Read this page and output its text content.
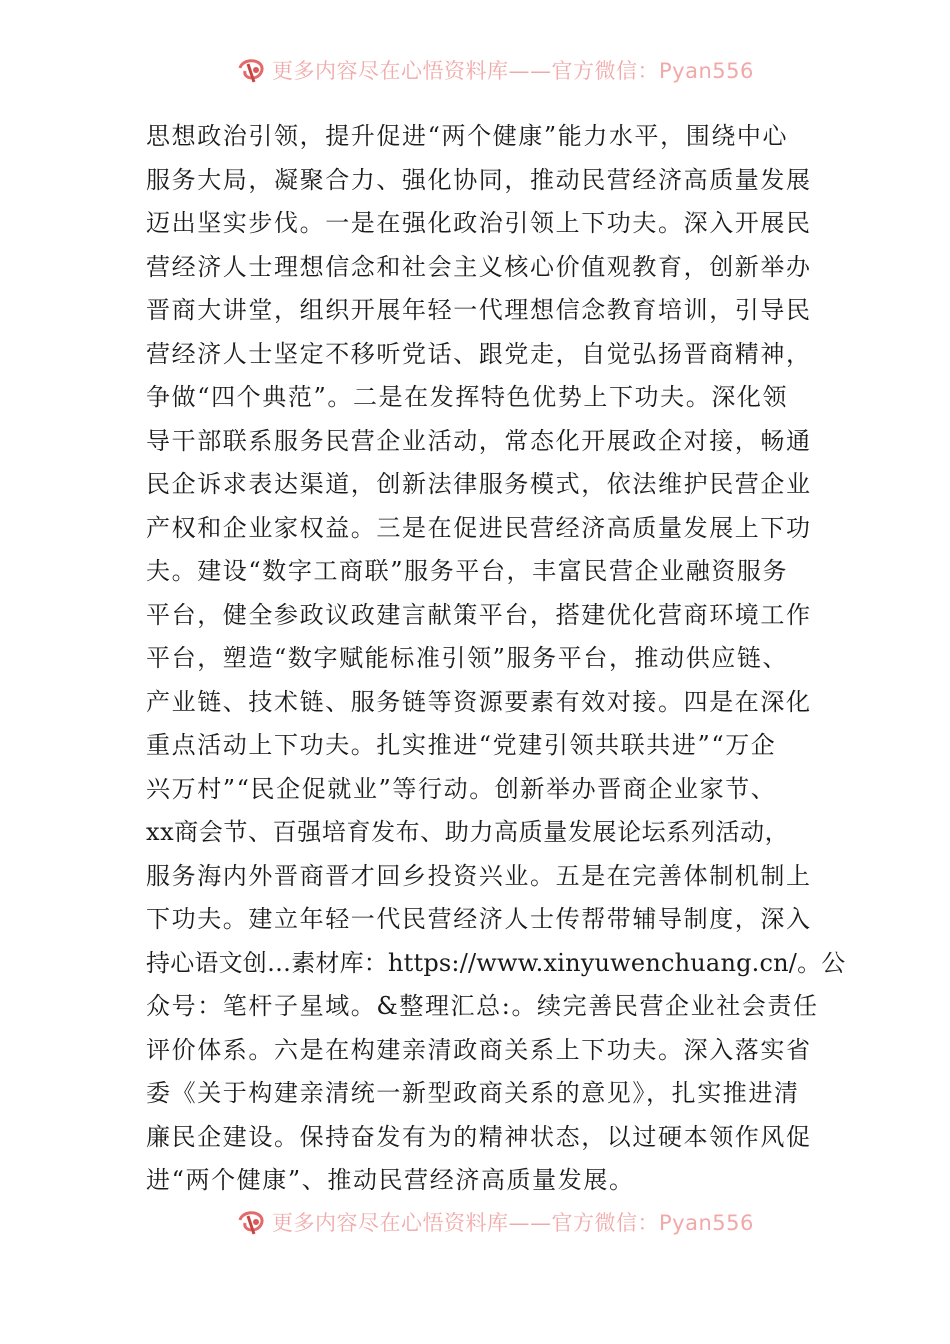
更多内容尽在心悟资料库——官方微信：Pyan556
思想政治引领，提升促进“两个健康”能力水平，围绕中心
服务大局，凝聚合力、强化协同，推动民营经济高质量发展
迈出坚实步伐。一是在强化政治引领上下功夫。深入开展民
营经济人士理想信念和社会主义核心价值观教育，创新举办
晋商大讲堂，组织开展年轻一代理想信念教育培训，引导民
营经济人士坚定不移听党话、跟党走，自觉弘扬晋商精神，
争做“四个典范”。二是在发挥特色优势上下功夫。深化领
导干部联系服务民营企业活动，常态化开展政企对接，畅通
民企诉求表达渠道，创新法律服务模式，依法维护民营企业
产权和企业家权益。三是在促进民营经济高质量发展上下功
夫。建设“数字工商联”服务平台，丰富民营企业融资服务
平台，健全参政议政建言献策平台，搭建优化营商环境工作
平台，塑造“数字赋能标准引领”服务平台，推动供应链、
产业链、技术链、服务链等资源要素有效对接。四是在深化
重点活动上下功夫。扎实推进“党建引领共联共进”“万企
兴万村”“民企促就业”等行动。创新举办晋商企业家节、
xx商会节、百强培育发布、助力高质量发展论坛系列活动，
服务海内外晋商晋才回乡投资兴业。五是在完善体制机制上
下功夫。建立年轻一代民营经济人士传帮带辅导制度，深入
持心语文创…素材库：https://www.xinyuwenchuang.cn/。公
众号：笔杆子星域。&整理汇总:。续完善民营企业社会责任
评价体系。六是在构建亲清政商关系上下功夫。深入落实省
委《关于构建亲清统一新型政商关系的意见》，扎实推进清
廉民企建设。保持奋发有为的精神状态，以过硬本领作风促
进“两个健康”、推动民营经济高质量发展。
更多内容尽在心悟资料库——官方微信：Pyan556
